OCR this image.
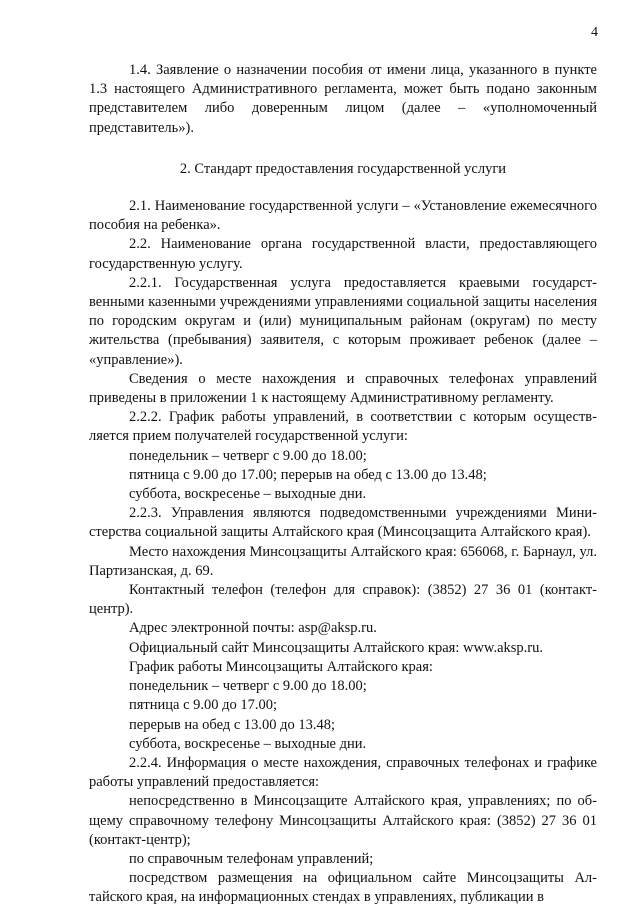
4

1.4. Заявление о назначении пособия от имени лица, указанного в пункте 1.3 настоящего Административного регламента, может быть подано законным представителем либо доверенным лицом (далее – «уполномоченный представитель»).

2. Стандарт предоставления государственной услуги

2.1. Наименование государственной услуги – «Установление ежемесячного пособия на ребенка».

2.2. Наименование органа государственной власти, предоставляющего государственную услугу.

2.2.1. Государственная услуга предоставляется краевыми государственными казенными учреждениями управлениями социальной защиты населения по городским округам и (или) муниципальным районам (округам) по месту жительства (пребывания) заявителя, с которым проживает ребенок (далее – «управление»).

Сведения о месте нахождения и справочных телефонах управлений приведены в приложении 1 к настоящему Административному регламенту.

2.2.2. График работы управлений, в соответствии с которым осуществляется прием получателей государственной услуги:

понедельник – четверг с 9.00 до 18.00;

пятница с 9.00 до 17.00; перерыв на обед с 13.00 до 13.48;

суббота, воскресенье – выходные дни.

2.2.3. Управления являются подведомственными учреждениями Министерства социальной защиты Алтайского края (Минсоцзащита Алтайского края).

Место нахождения Минсоцзащиты Алтайского края: 656068, г. Барнаул, ул. Партизанская, д. 69.

Контактный телефон (телефон для справок): (3852) 27 36 01 (контакт-центр).

Адрес электронной почты: asp@aksp.ru.

Официальный сайт Минсоцзащиты Алтайского края: www.aksp.ru.

График работы Минсоцзащиты Алтайского края:

понедельник – четверг с 9.00 до 18.00;

пятница с 9.00 до 17.00;

перерыв на обед с 13.00 до 13.48;

суббота, воскресенье – выходные дни.

2.2.4. Информация о месте нахождения, справочных телефонах и графике работы управлений предоставляется:

непосредственно в Минсоцзащите Алтайского края, управлениях; по общему справочному телефону Минсоцзащиты Алтайского края: (3852) 27 36 01 (контакт-центр);

по справочным телефонам управлений;

посредством размещения на официальном сайте Минсоцзащиты Алтайского края, на информационных стендах в управлениях, публикации в
